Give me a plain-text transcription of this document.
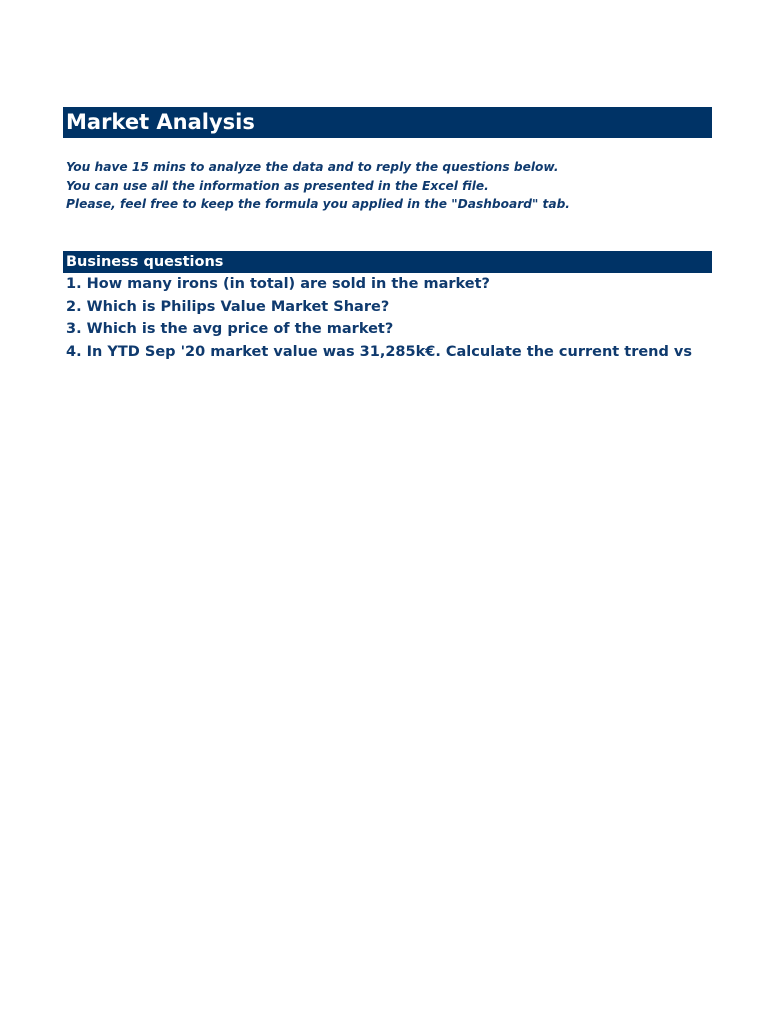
Market Analysis
You have 15 mins to analyze the data and to reply the questions below.
You can use all the information as presented in the Excel file.
Please, feel free to keep the formula you applied in the "Dashboard" tab.
Business questions
1. How many irons (in total) are sold in the market?
2. Which is Philips Value Market Share?
3. Which is the avg price of the market?
4. In YTD Sep '20 market value was 31,285k€. Calculate the current trend vs
